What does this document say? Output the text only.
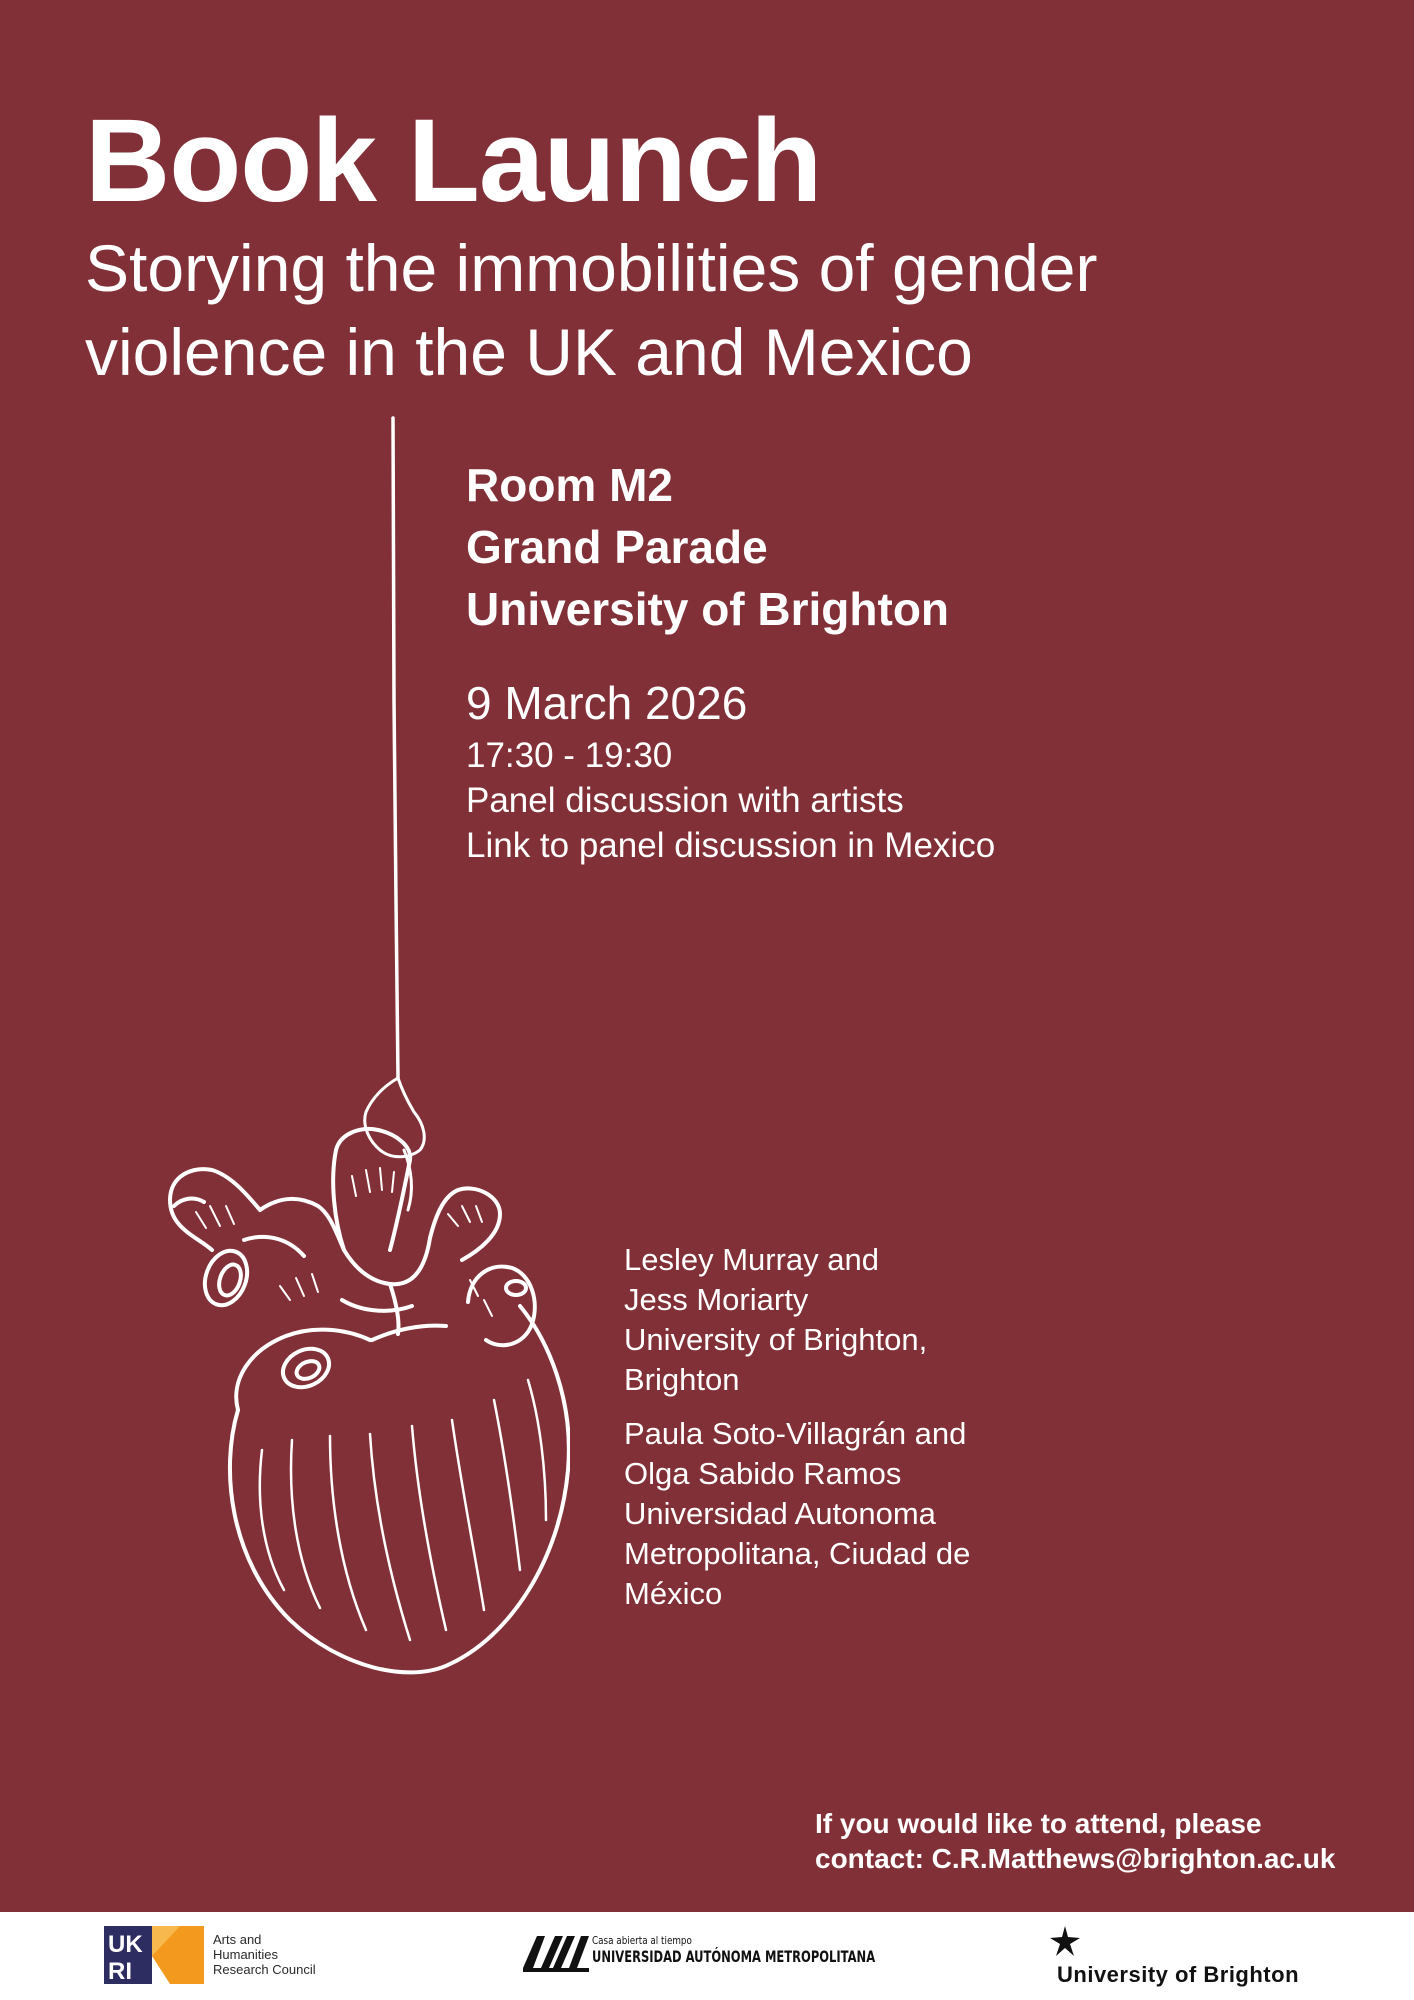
Book Launch
Storying the immobilities of gender
violence in the UK and Mexico
Room M2
Grand Parade
University of Brighton
9 March 2026
17:30 - 19:30
Panel discussion with artists
Link to panel discussion in Mexico
Lesley Murray and
Jess Moriarty
University of Brighton,
Brighton
Paula Soto-Villagrán and
Olga Sabido Ramos
Universidad Autonoma
Metropolitana, Ciudad de
México
If you would like to attend, please
contact: C.R.Matthews@brighton.ac.uk
UK
RI
Arts and
Humanities
Research Council
Casa abierta al tiempo
UNIVERSIDAD AUTÓNOMA METROPOLITANA
University of Brighton
